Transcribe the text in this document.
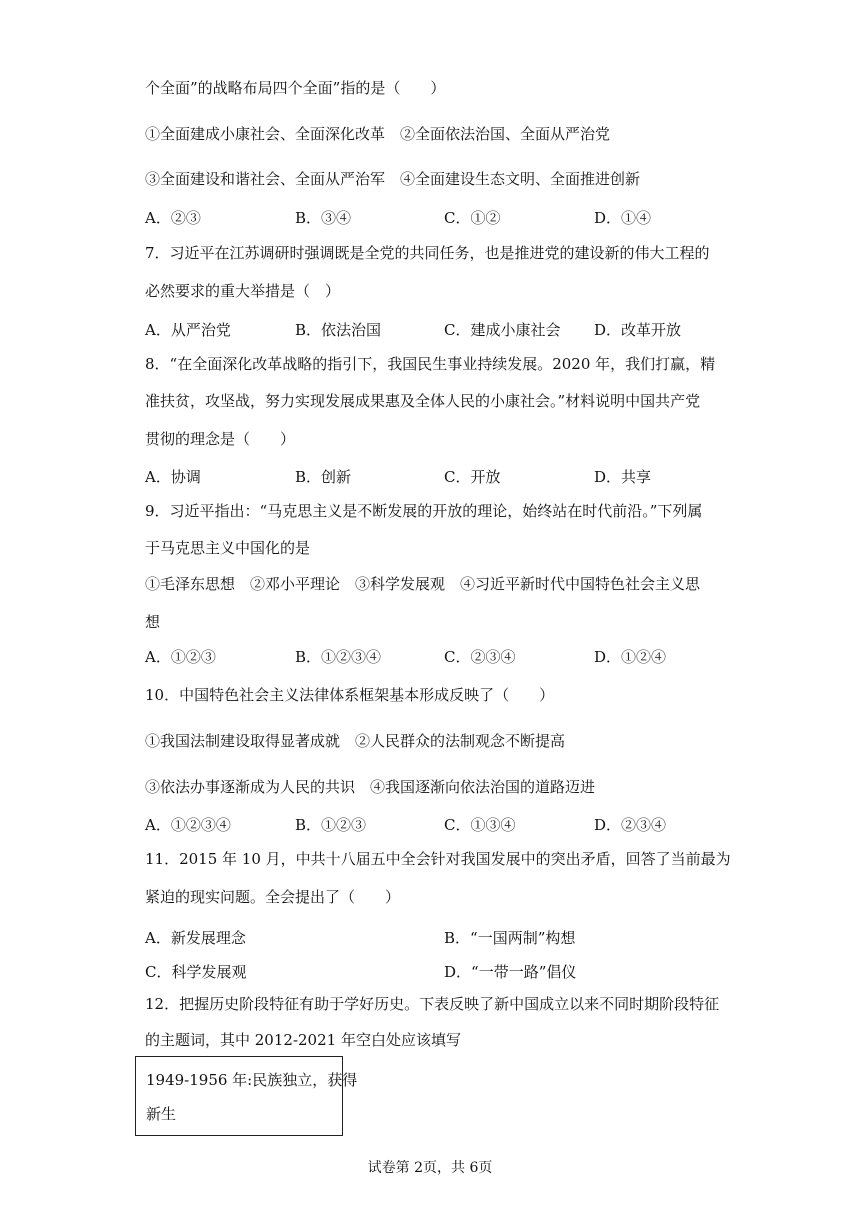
个全面”的战略布局四个全面”指的是（　　）
①全面建成小康社会、全面深化改革　②全面依法治国、全面从严治党
③全面建设和谐社会、全面从严治军　④全面建设生态文明、全面推进创新
A．②③	B．③④	C．①②	D．①④
7．习近平在江苏调研时强调既是全党的共同任务，也是推进党的建设新的伟大工程的
必然要求的重大举措是（　）
A．从严治党	B．依法治国	C．建成小康社会 D．改革开放
8．“在全面深化改革战略的指引下，我国民生事业持续发展。2020 年，我们打赢，精
准扶贫，攻坚战，努力实现发展成果惠及全体人民的小康社会。”材料说明中国共产党
贯彻的理念是（　　）
A．协调	B．创新	C．开放	D．共享
9．习近平指出：“马克思主义是不断发展的开放的理论，始终站在时代前沿。”下列属
于马克思主义中国化的是
①毛泽东思想　②邓小平理论　③科学发展观　④习近平新时代中国特色社会主义思
想
A．①②③	B．①②③④	C．②③④	D．①②④
10．中国特色社会主义法律体系框架基本形成反映了（　　）
①我国法制建设取得显著成就　②人民群众的法制观念不断提高
③依法办事逐渐成为人民的共识　④我国逐渐向依法治国的道路迈进
A．①②③④	B．①②③	C．①③④	D．②③④
11．2015 年 10 月，中共十八届五中全会针对我国发展中的突出矛盾，回答了当前最为
紧迫的现实问题。全会提出了（　　）
A．新发展理念	B．“一国两制”构想
C．科学发展观	D．“一带一路”倡仪
12．把握历史阶段特征有助于学好历史。下表反映了新中国成立以来不同时期阶段特征
的主题词，其中 2012-2021 年空白处应该填写
1949-1956 年:民族独立，获得
新生
试卷第 2页，共 6页
